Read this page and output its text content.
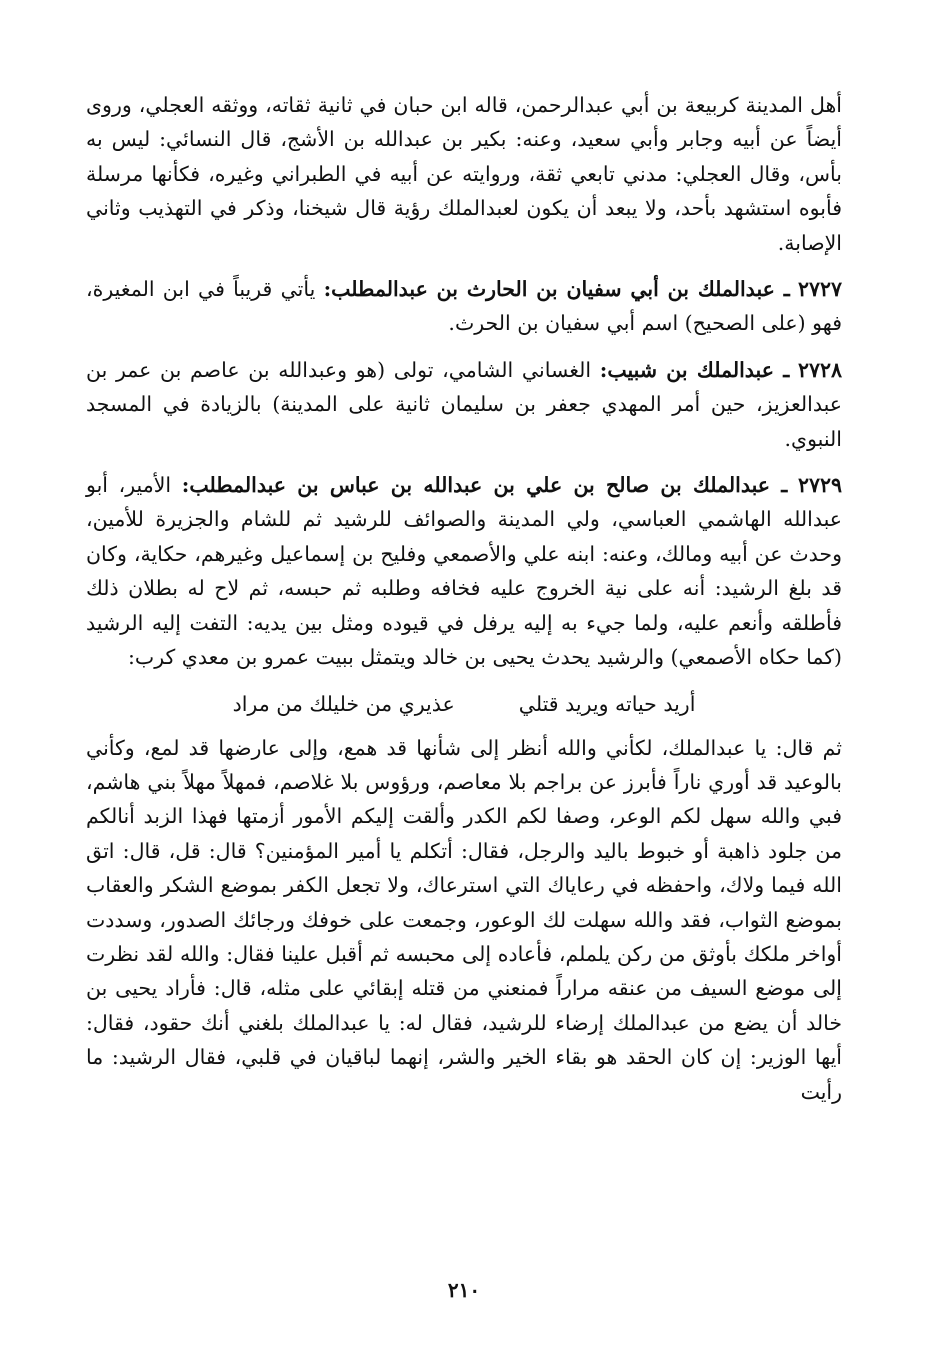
أهل المدينة كربيعة بن أبي عبدالرحمن، قاله ابن حبان في ثانية ثقاته، ووثقه العجلي، وروى أيضاً عن أبيه وجابر وأبي سعيد، وعنه: بكير بن عبدالله بن الأشج، قال النسائي: ليس به بأس، وقال العجلي: مدني تابعي ثقة، وروايته عن أبيه في الطبراني وغيره، فكأنها مرسلة فأبوه استشهد بأحد، ولا يبعد أن يكون لعبدالملك رؤية قال شيخنا، وذكر في التهذيب وثاني الإصابة.

٢٧٢٧ ـ عبدالملك بن أبي سفيان بن الحارث بن عبدالمطلب: يأتي قريباً في ابن المغيرة، فهو (على الصحيح) اسم أبي سفيان بن الحرث.

٢٧٢٨ ـ عبدالملك بن شبيب: الغساني الشامي، تولى (هو وعبدالله بن عاصم بن عمر بن عبدالعزيز، حين أمر المهدي جعفر بن سليمان ثانية على المدينة) بالزيادة في المسجد النبوي.

٢٧٢٩ ـ عبدالملك بن صالح بن علي بن عبدالله بن عباس بن عبدالمطلب: الأمير، أبو عبدالله الهاشمي العباسي، ولي المدينة والصوائف للرشيد ثم للشام والجزيرة للأمين، وحدث عن أبيه ومالك، وعنه: ابنه علي والأصمعي وفليح بن إسماعيل وغيرهم، حكاية، وكان قد بلغ الرشيد: أنه على نية الخروج عليه فخافه وطلبه ثم حبسه، ثم لاح له بطلان ذلك فأطلقه وأنعم عليه، ولما جيء به إليه يرفل في قيوده ومثل بين يديه: التفت إليه الرشيد (كما حكاه الأصمعي) والرشيد يحدث يحيى بن خالد ويتمثل ببيت عمرو بن معدي كرب:

أريد حياته ويريد قتلي
عذيري من خليلك من مراد

ثم قال: يا عبدالملك، لكأني والله أنظر إلى شأنها قد همع، وإلى عارضها قد لمع، وكأني بالوعيد قد أوري ناراً فأبرز عن براجم بلا معاصم، ورؤوس بلا غلاصم، فمهلاً مهلاً بني هاشم، فبي والله سهل لكم الوعر، وصفا لكم الكدر وألقت إليكم الأمور أزمتها فهذا الزبد أنالكم من جلود ذاهبة أو خبوط باليد والرجل، فقال: أتكلم يا أمير المؤمنين؟ قال: قل، قال: اتق الله فيما ولاك، واحفظه في رعاياك التي استرعاك، ولا تجعل الكفر بموضع الشكر والعقاب بموضع الثواب، فقد والله سهلت لك الوعور، وجمعت على خوفك ورجائك الصدور، وسددت أواخر ملكك بأوثق من ركن يلملم، فأعاده إلى محبسه ثم أقبل علينا فقال: والله لقد نظرت إلى موضع السيف من عنقه مراراً فمنعني من قتله إبقائي على مثله، قال: فأراد يحيى بن خالد أن يضع من عبدالملك إرضاء للرشيد، فقال له: يا عبدالملك بلغني أنك حقود، فقال: أيها الوزير: إن كان الحقد هو بقاء الخير والشر، إنهما لباقيان في قلبي، فقال الرشيد: ما رأيت

٢١٠
